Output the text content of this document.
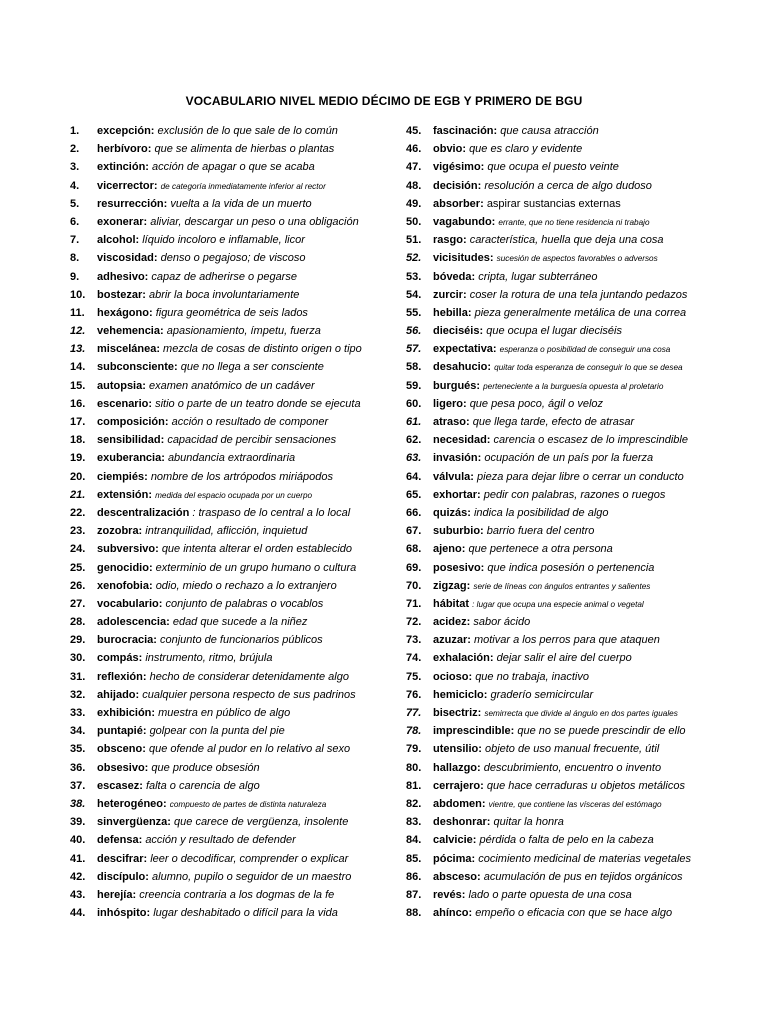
VOCABULARIO NIVEL MEDIO DÉCIMO DE EGB Y PRIMERO DE BGU
1. excepción: exclusión de lo que sale de lo común
2. herbívoro: que se alimenta de hierbas o plantas
3. extinción: acción de apagar o que se acaba
4. vicerrector: de categoría inmediatamente inferior al rector
5. resurrección: vuelta a la vida de un muerto
6. exonerar: aliviar, descargar un peso o una obligación
7. alcohol: líquido incoloro e inflamable, licor
8. viscosidad: denso o pegajoso; de viscoso
9. adhesivo: capaz de adherirse o pegarse
10. bostezar: abrir la boca involuntariamente
11. hexágono: figura geométrica de seis lados
12. vehemencia: apasionamiento, ímpetu, fuerza
13. miscelánea: mezcla de cosas de distinto origen o tipo
14. subconsciente: que no llega a ser consciente
15. autopsia: examen anatómico de un cadáver
16. escenario: sitio o parte de un teatro donde se ejecuta
17. composición: acción o resultado de componer
18. sensibilidad: capacidad de percibir sensaciones
19. exuberancia: abundancia extraordinaria
20. ciempiés: nombre de los artrópodos miriápodos
21. extensión: medida del espacio ocupada por un cuerpo
22. descentralización : traspaso de lo central a lo local
23. zozobra: intranquilidad, aflicción, inquietud
24. subversivo: que intenta alterar el orden establecido
25. genocidio: exterminio de un grupo humano o cultura
26. xenofobia: odio, miedo o rechazo a lo extranjero
27. vocabulario: conjunto de palabras o vocablos
28. adolescencia: edad que sucede a la niñez
29. burocracia: conjunto de funcionarios públicos
30. compás: instrumento, ritmo, brújula
31. reflexión: hecho de considerar detenidamente algo
32. ahijado: cualquier persona respecto de sus padrinos
33. exhibición: muestra en público de algo
34. puntapié: golpear con la punta del pie
35. obsceno: que ofende al pudor en lo relativo al sexo
36. obsesivo: que produce obsesión
37. escasez: falta o carencia de algo
38. heterogéneo: compuesto de partes de distinta naturaleza
39. sinvergüenza: que carece de vergüenza, insolente
40. defensa: acción y resultado de defender
41. descifrar: leer o decodificar, comprender o explicar
42. discípulo: alumno, pupilo o seguidor de un maestro
43. herejía: creencia contraria a los dogmas de la fe
44. inhóspito: lugar deshabitado o difícil para la vida
45. fascinación: que causa atracción
46. obvio: que es claro y evidente
47. vigésimo: que ocupa el puesto veinte
48. decisión: resolución a cerca de algo dudoso
49. absorber: aspirar sustancias externas
50. vagabundo: errante, que no tiene residencia ni trabajo
51. rasgo: característica, huella que deja una cosa
52. vicisitudes: sucesión de aspectos favorables o adversos
53. bóveda: cripta, lugar subterráneo
54. zurcir: coser la rotura de una tela juntando pedazos
55. hebilla: pieza generalmente metálica de una correa
56. dieciséis: que ocupa el lugar dieciséis
57. expectativa: esperanza o posibilidad de conseguir una cosa
58. desahucio: quitar toda esperanza de conseguir lo que se desea
59. burgués: perteneciente a la burguesía opuesta al proletario
60. ligero: que pesa poco, ágil o veloz
61. atraso: que llega tarde, efecto de atrasar
62. necesidad: carencia o escasez de lo imprescindible
63. invasión: ocupación de un país por la fuerza
64. válvula: pieza para dejar libre o cerrar un conducto
65. exhortar: pedir con palabras, razones o ruegos
66. quizás: indica la posibilidad de algo
67. suburbio: barrio fuera del centro
68. ajeno: que pertenece a otra persona
69. posesivo: que indica posesión o pertenencia
70. zigzag: serie de líneas con ángulos entrantes y salientes
71. hábitat : lugar que ocupa una especie animal o vegetal
72. acidez: sabor ácido
73. azuzar: motivar a los perros para que ataquen
74. exhalación: dejar salir el aire del cuerpo
75. ocioso: que no trabaja, inactivo
76. hemiciclo: graderío semicircular
77. bisectriz: semirrecta que divide al ángulo en dos partes iguales
78. imprescindible: que no se puede prescindir de ello
79. utensilio: objeto de uso manual frecuente, útil
80. hallazgo: descubrimiento, encuentro o invento
81. cerrajero: que hace cerraduras u objetos metálicos
82. abdomen: vientre, que contiene las vísceras del estómago
83. deshonrar: quitar la honra
84. calvicie: pérdida o falta de pelo en la cabeza
85. pócima: cocimiento medicinal de materias vegetales
86. absceso: acumulación de pus en tejidos orgánicos
87. revés: lado o parte opuesta de una cosa
88. ahínco: empeño o eficacia con que se hace algo
